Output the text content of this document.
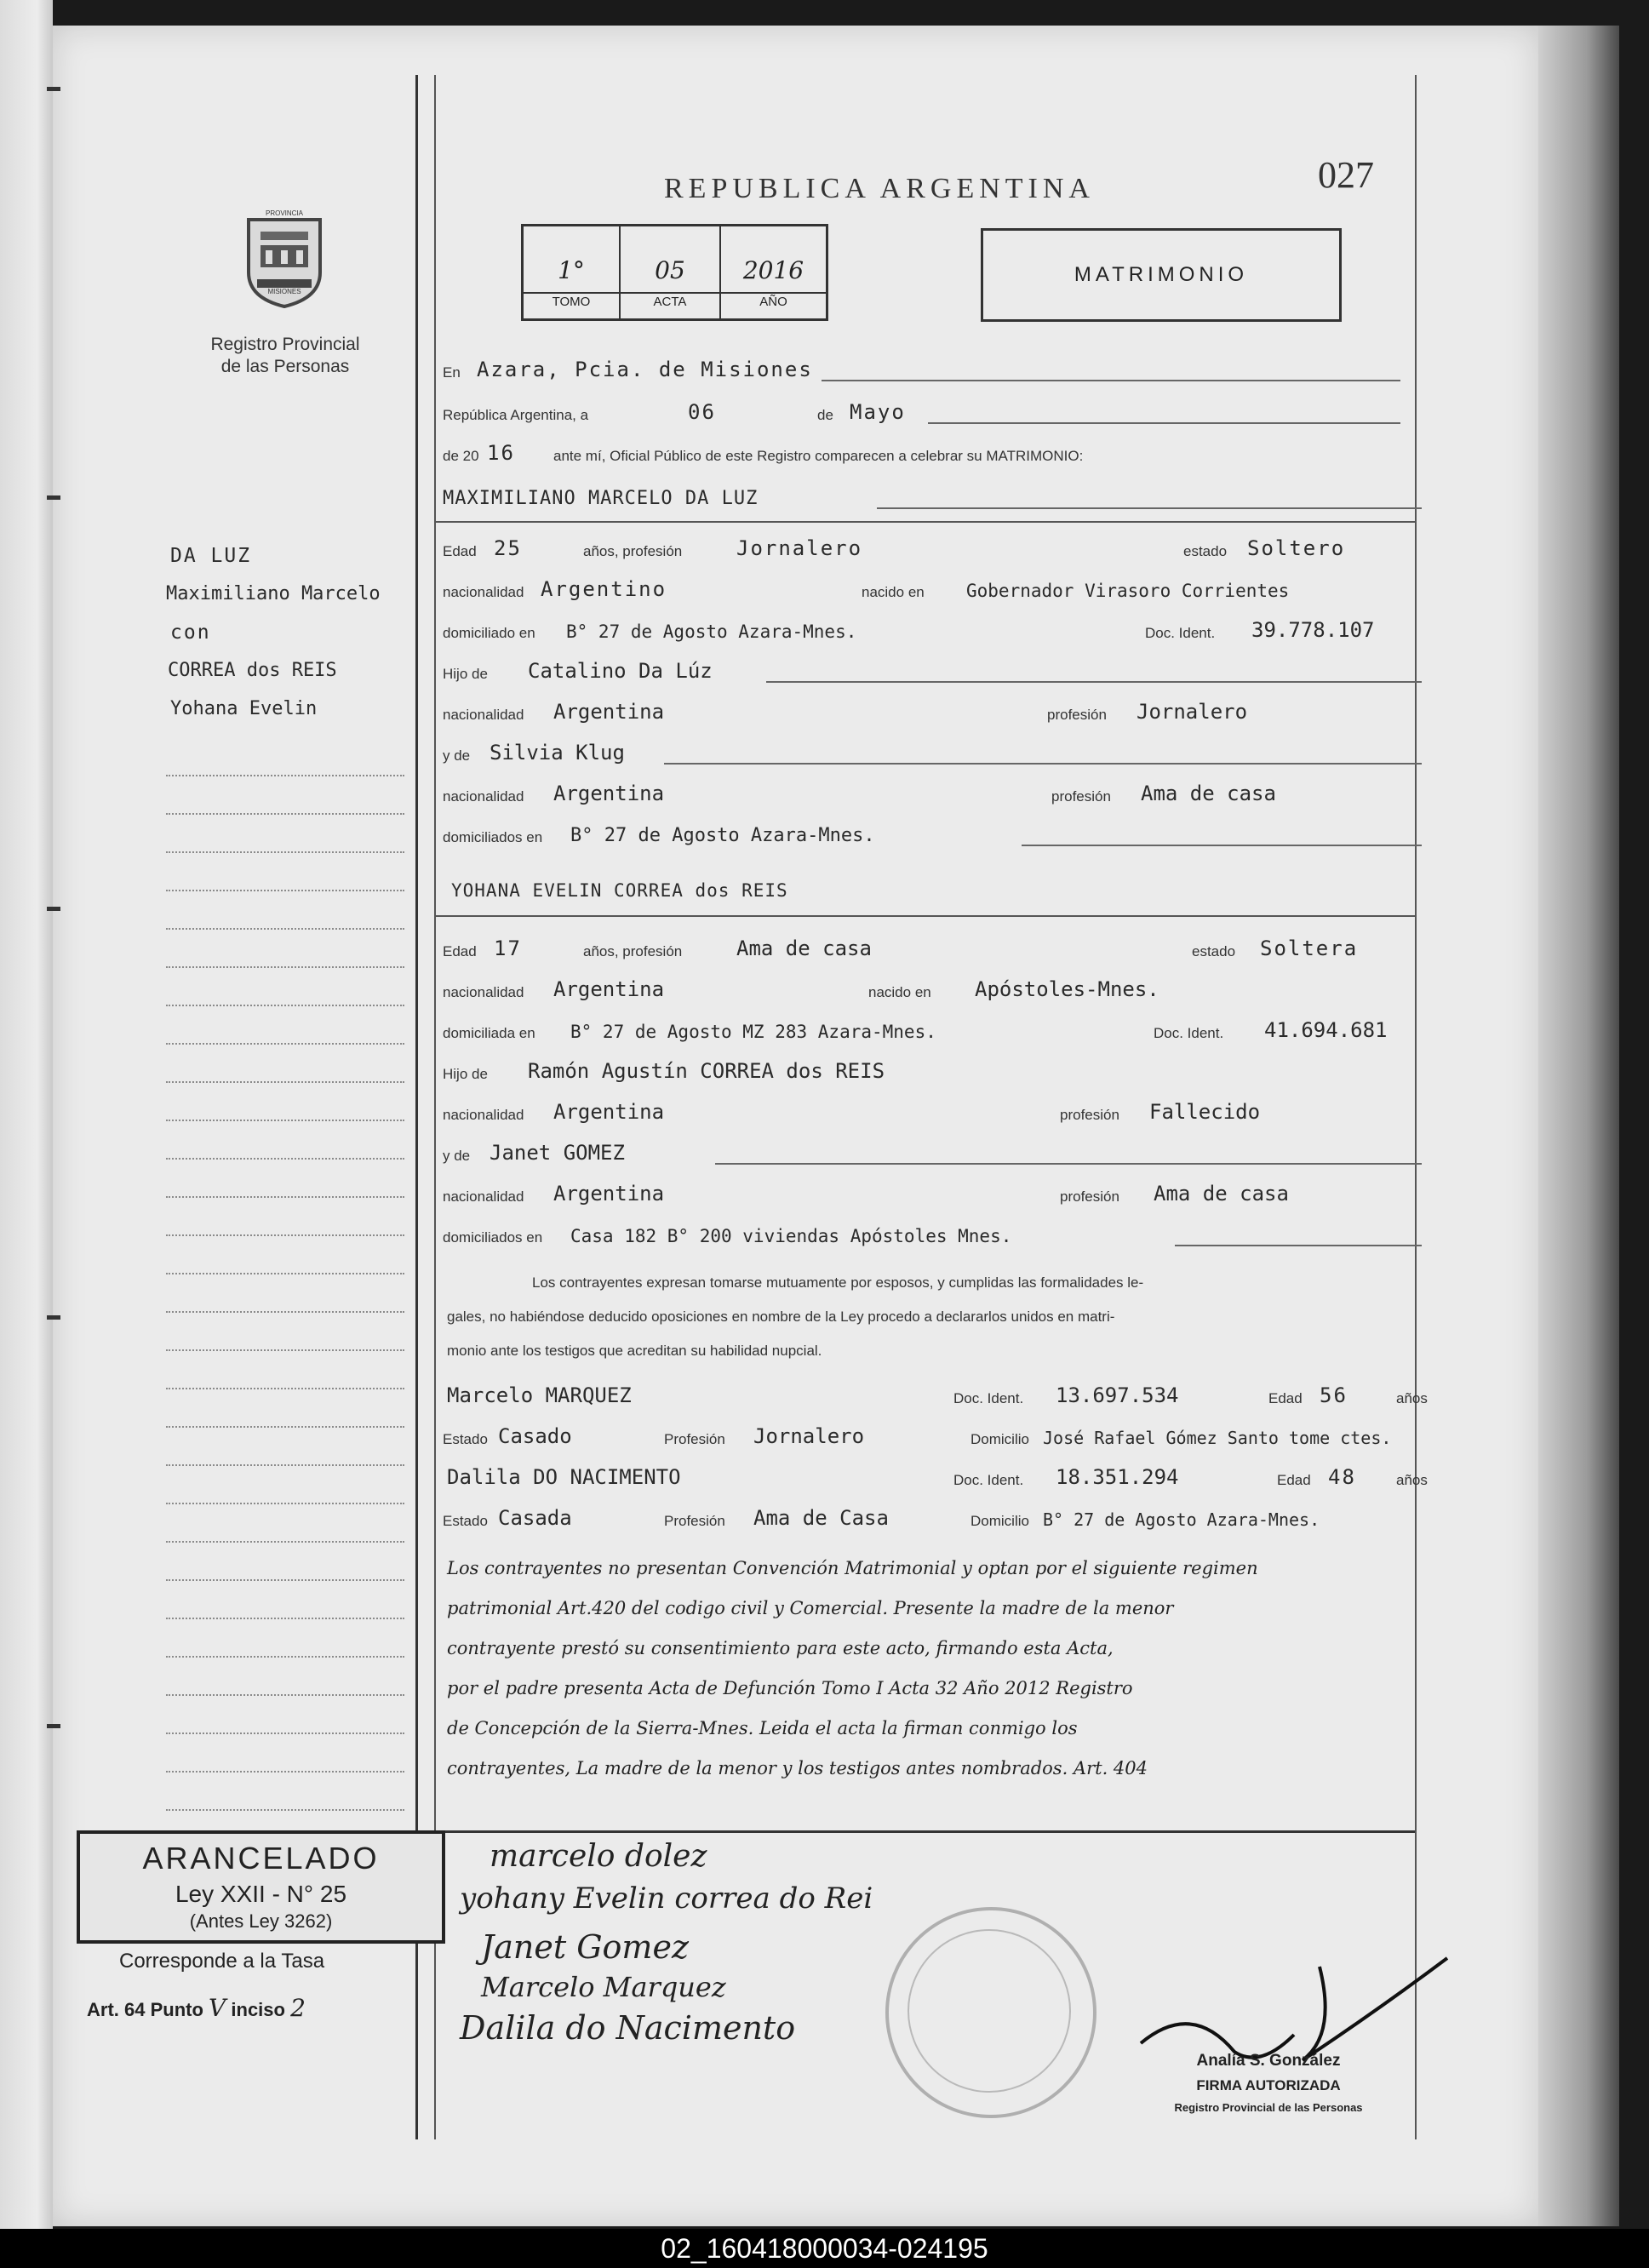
PROVINCIA
MISIONES
Registro Provincial
de las Personas
REPUBLICA ARGENTINA	027
1°	05	2016
TOMO	ACTA	AÑO
MATRIMONIO
DA LUZ
Maximiliano Marcelo
con
CORREA dos REIS
Yohana Evelin
En Azara, Pcia. de Misiones
República Argentina, a	06	de Mayo
de 20 16	ante mí, Oficial Público de este Registro comparecen a celebrar su MATRIMONIO:
MAXIMILIANO MARCELO DA LUZ
Edad 25	años, profesión	Jornalero	estado Soltero
nacionalidad Argentino	nacido en Gobernador Virasoro Corrientes
domiciliado en B° 27 de Agosto Azara-Mnes.	Doc. Ident. 39.778.107
Hijo de Catalino Da Lúz
nacionalidad Argentina	profesión Jornalero
y de Silvia Klug
nacionalidad Argentina	profesión Ama de casa
domiciliados en B° 27 de Agosto Azara-Mnes.
YOHANA EVELIN CORREA dos REIS
Edad 17	años, profesión	Ama de casa	estado Soltera
nacionalidad Argentina	nacido en Apóstoles-Mnes.
domiciliada en B° 27 de Agosto MZ 283 Azara-Mnes.	Doc. Ident. 41.694.681
Hijo de Ramón Agustín CORREA dos REIS
nacionalidad Argentina	profesión Fallecido
y de Janet GOMEZ
nacionalidad Argentina	profesión Ama de casa
domiciliados en Casa 182 B° 200 viviendas Apóstoles Mnes.
Los contrayentes expresan tomarse mutuamente por esposos, y cumplidas las formalidades le-
gales, no habiéndose deducido oposiciones en nombre de la Ley procedo a declararlos unidos en matri-
monio ante los testigos que acreditan su habilidad nupcial.
Marcelo MARQUEZ	Doc. Ident. 13.697.534	Edad 56	años
Estado Casado	Profesión Jornalero	Domicilio José Rafael Gómez Santo tome ctes.
Dalila DO NACIMENTO	Doc. Ident. 18.351.294	Edad 48	años
Estado Casada	Profesión Ama de Casa	Domicilio B° 27 de Agosto Azara-Mnes.
Los contrayentes no presentan Convención Matrimonial y optan por el siguiente regimen
patrimonial Art.420 del codigo civil y Comercial. Presente la madre de la menor
contrayente prestó su consentimiento para este acto, firmando esta Acta,
por el padre presenta Acta de Defunción Tomo I Acta 32 Año 2012 Registro
de Concepción de la Sierra-Mnes. Leida el acta la firman conmigo los
contrayentes, La madre de la menor y los testigos antes nombrados. Art. 404
ARANCELADO
Ley XXII - N° 25
(Antes Ley 3262)
Corresponde a la Tasa
Art. 64 Punto V inciso 2
marcelo dolez
yohany Evelin correa do Rei
Janet Gomez
Marcelo Marquez
Dalila do Nacimento
Analía S. González
FIRMA AUTORIZADA
Registro Provincial de las Personas
02_160418000034-024195
